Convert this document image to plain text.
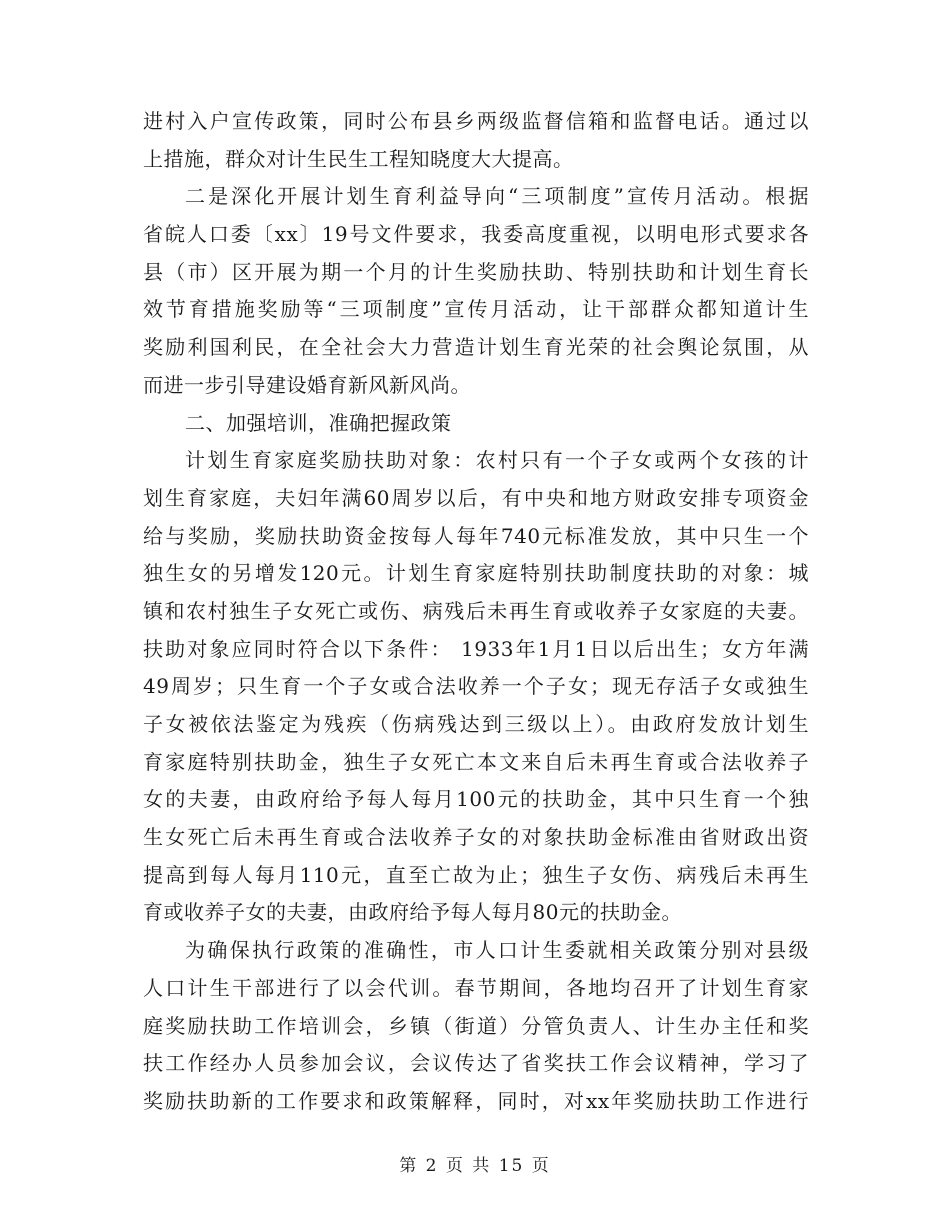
进村入户宣传政策，同时公布县乡两级监督信箱和监督电话。通过以
上措施，群众对计生民生工程知晓度大大提高。
二是深化开展计划生育利益导向“三项制度”宣传月活动。根据
省皖人口委〔xx〕19号文件要求，我委高度重视，以明电形式要求各
县（市）区开展为期一个月的计生奖励扶助、特别扶助和计划生育长
效节育措施奖励等“三项制度”宣传月活动，让干部群众都知道计生
奖励利国利民，在全社会大力营造计划生育光荣的社会舆论氛围，从
而进一步引导建设婚育新风新风尚。
二、加强培训，准确把握政策
计划生育家庭奖励扶助对象：农村只有一个子女或两个女孩的计
划生育家庭，夫妇年满60周岁以后，有中央和地方财政安排专项资金
给与奖励，奖励扶助资金按每人每年740元标准发放，其中只生一个
独生女的另增发120元。计划生育家庭特别扶助制度扶助的对象：城
镇和农村独生子女死亡或伤、病残后未再生育或收养子女家庭的夫妻。
扶助对象应同时符合以下条件： 1933年1月1日以后出生；女方年满
49周岁；只生育一个子女或合法收养一个子女；现无存活子女或独生
子女被依法鉴定为残疾（伤病残达到三级以上）。由政府发放计划生
育家庭特别扶助金，独生子女死亡本文来自后未再生育或合法收养子
女的夫妻，由政府给予每人每月100元的扶助金，其中只生育一个独
生女死亡后未再生育或合法收养子女的对象扶助金标准由省财政出资
提高到每人每月110元，直至亡故为止；独生子女伤、病残后未再生
育或收养子女的夫妻，由政府给予每人每月80元的扶助金。
为确保执行政策的准确性，市人口计生委就相关政策分别对县级
人口计生干部进行了以会代训。春节期间，各地均召开了计划生育家
庭奖励扶助工作培训会，乡镇（街道）分管负责人、计生办主任和奖
扶工作经办人员参加会议，会议传达了省奖扶工作会议精神，学习了
奖励扶助新的工作要求和政策解释，同时，对xx年奖励扶助工作进行
第 2 页 共 15 页
